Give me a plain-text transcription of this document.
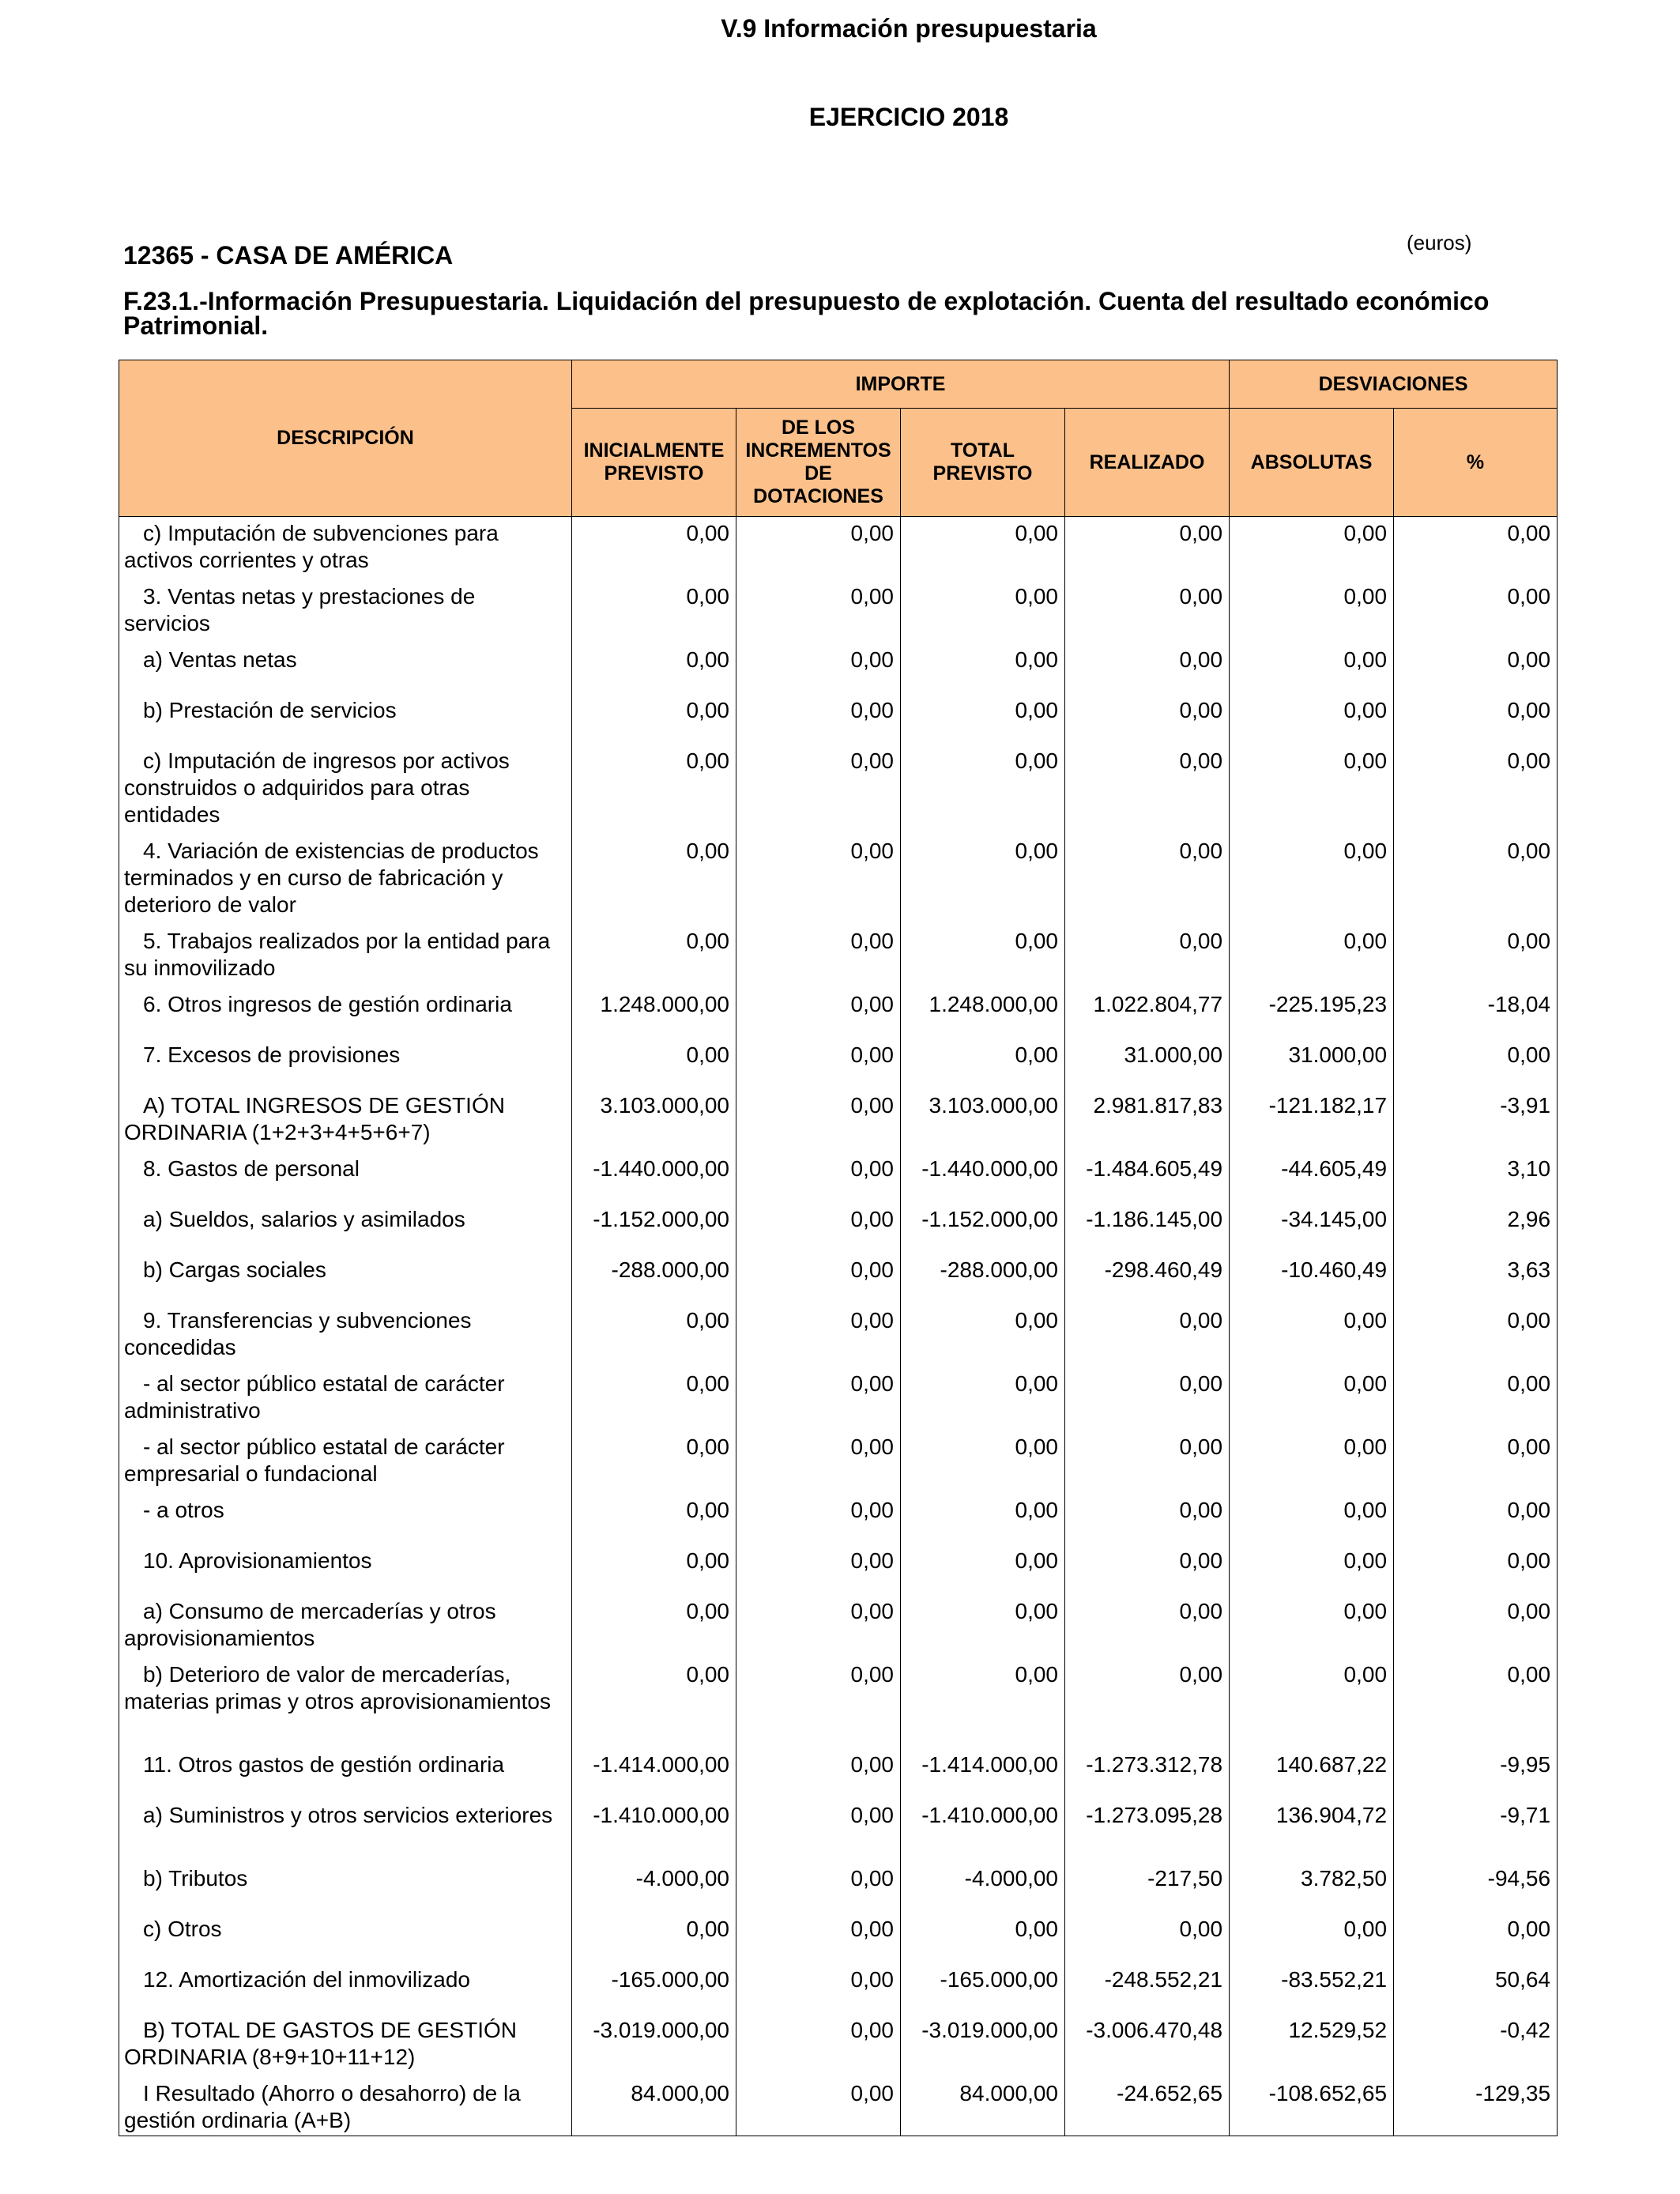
V.9 Información presupuestaria
EJERCICIO 2018
12365 - CASA DE AMÉRICA	(euros)
F.23.1.-Información Presupuestaria. Liquidación del presupuesto de explotación. Cuenta del resultado económico Patrimonial.
DESCRIPCIÓN	IMPORTE				DESVIACIONES	
	INICIALMENTE PREVISTO	DE LOS INCREMENTOS DE DOTACIONES	TOTAL PREVISTO	REALIZADO	ABSOLUTAS	%
c) Imputación de subvenciones para activos corrientes y otras	0,00	0,00	0,00	0,00	0,00	0,00
3. Ventas netas y prestaciones de servicios	0,00	0,00	0,00	0,00	0,00	0,00
a) Ventas netas	0,00	0,00	0,00	0,00	0,00	0,00
b) Prestación de servicios	0,00	0,00	0,00	0,00	0,00	0,00
c) Imputación de ingresos por activos construidos o adquiridos para otras entidades	0,00	0,00	0,00	0,00	0,00	0,00
4. Variación de existencias de productos terminados y en curso de fabricación y deterioro de valor	0,00	0,00	0,00	0,00	0,00	0,00
5. Trabajos realizados por la entidad para su inmovilizado	0,00	0,00	0,00	0,00	0,00	0,00
6. Otros ingresos de gestión ordinaria	1.248.000,00	0,00	1.248.000,00	1.022.804,77	-225.195,23	-18,04
7. Excesos de provisiones	0,00	0,00	0,00	31.000,00	31.000,00	0,00
A) TOTAL INGRESOS DE GESTIÓN ORDINARIA (1+2+3+4+5+6+7)	3.103.000,00	0,00	3.103.000,00	2.981.817,83	-121.182,17	-3,91
8. Gastos de personal	-1.440.000,00	0,00	-1.440.000,00	-1.484.605,49	-44.605,49	3,10
a) Sueldos, salarios y asimilados	-1.152.000,00	0,00	-1.152.000,00	-1.186.145,00	-34.145,00	2,96
b) Cargas sociales	-288.000,00	0,00	-288.000,00	-298.460,49	-10.460,49	3,63
9. Transferencias y subvenciones concedidas	0,00	0,00	0,00	0,00	0,00	0,00
- al sector público estatal de carácter administrativo	0,00	0,00	0,00	0,00	0,00	0,00
- al sector público estatal de carácter empresarial o fundacional	0,00	0,00	0,00	0,00	0,00	0,00
- a otros	0,00	0,00	0,00	0,00	0,00	0,00
10. Aprovisionamientos	0,00	0,00	0,00	0,00	0,00	0,00
a) Consumo de mercaderías y otros aprovisionamientos	0,00	0,00	0,00	0,00	0,00	0,00
b) Deterioro de valor de mercaderías, materias primas y otros aprovisionamientos	0,00	0,00	0,00	0,00	0,00	0,00
11. Otros gastos de gestión ordinaria	-1.414.000,00	0,00	-1.414.000,00	-1.273.312,78	140.687,22	-9,95
a) Suministros y otros servicios exteriores	-1.410.000,00	0,00	-1.410.000,00	-1.273.095,28	136.904,72	-9,71
b) Tributos	-4.000,00	0,00	-4.000,00	-217,50	3.782,50	-94,56
c) Otros	0,00	0,00	0,00	0,00	0,00	0,00
12. Amortización del inmovilizado	-165.000,00	0,00	-165.000,00	-248.552,21	-83.552,21	50,64
B) TOTAL DE GASTOS DE GESTIÓN ORDINARIA (8+9+10+11+12)	-3.019.000,00	0,00	-3.019.000,00	-3.006.470,48	12.529,52	-0,42
I Resultado (Ahorro o desahorro) de la gestión ordinaria (A+B)	84.000,00	0,00	84.000,00	-24.652,65	-108.652,65	-129,35
